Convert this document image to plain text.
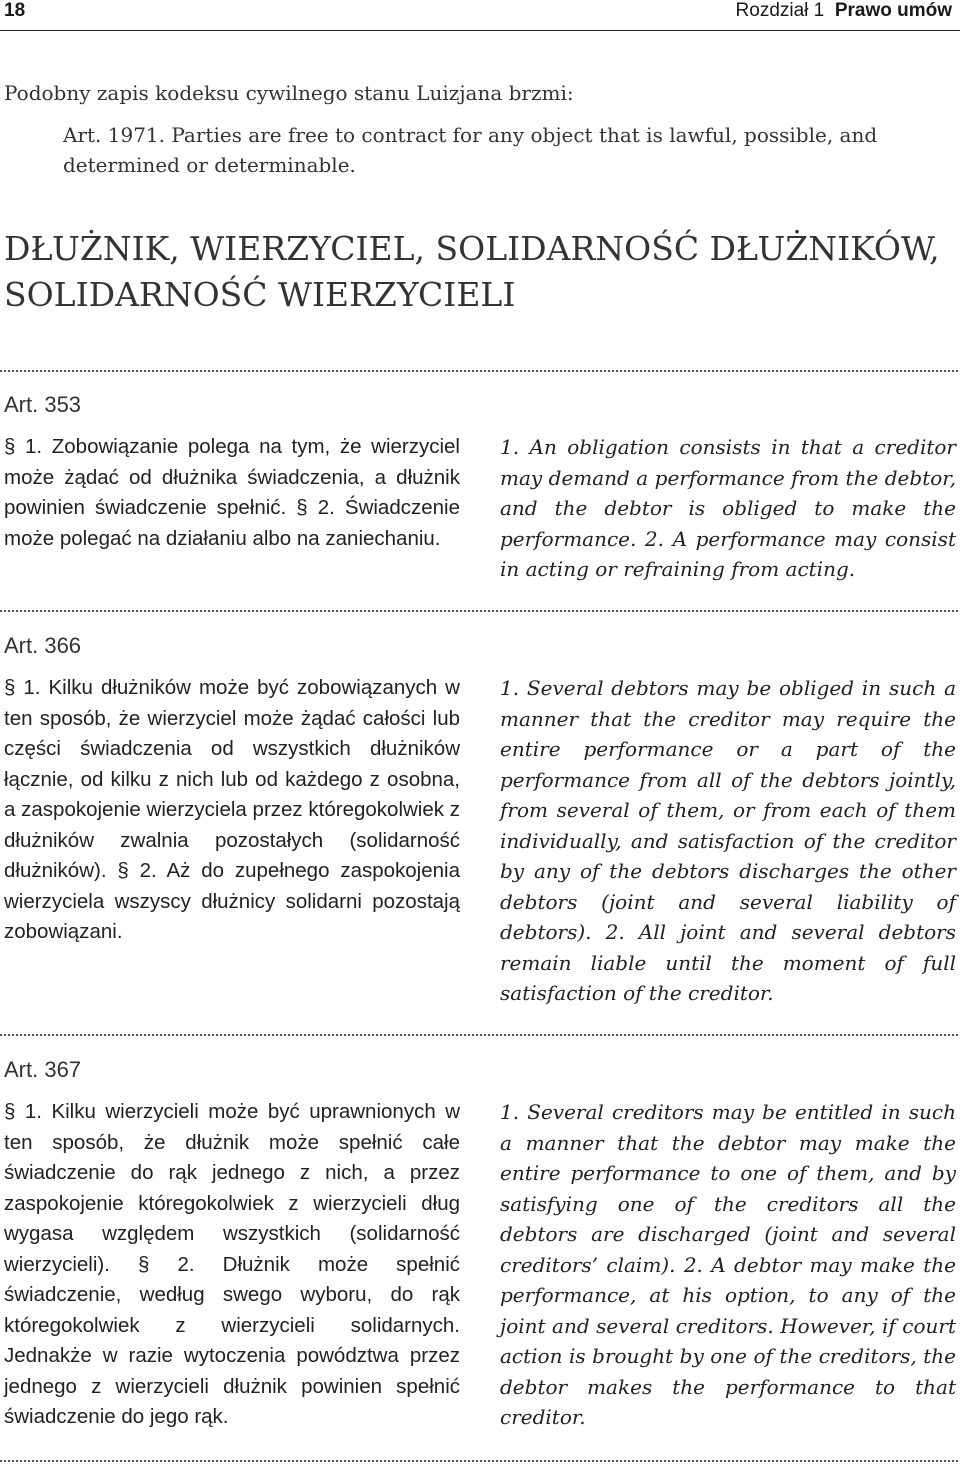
18	Rozdział 1 Prawo umów
Podobny zapis kodeksu cywilnego stanu Luizjana brzmi:
Art. 1971. Parties are free to contract for any object that is lawful, possible, and determined or determinable.
DŁUŻNIK, WIERZYCIEL, SOLIDARNOŚĆ DŁUŻNIKÓW, SOLIDARNOŚĆ WIERZYCIELI
Art. 353
§ 1. Zobowiązanie polega na tym, że wierzyciel może żądać od dłużnika świadczenia, a dłużnik powinien świadczenie spełnić. § 2. Świadczenie może polegać na działaniu albo na zaniechaniu.
1. An obligation consists in that a creditor may demand a performance from the debtor, and the debtor is obliged to make the performance. 2. A performance may consist in acting or refraining from acting.
Art. 366
§ 1. Kilku dłużników może być zobowiązanych w ten sposób, że wierzyciel może żądać całości lub części świadczenia od wszystkich dłużników łącznie, od kilku z nich lub od każdego z osobna, a zaspokojenie wierzyciela przez któregokolwiek z dłużników zwalnia pozostałych (solidarność dłużników). § 2. Aż do zupełnego zaspokojenia wierzyciela wszyscy dłużnicy solidarni pozostają zobowiązani.
1. Several debtors may be obliged in such a manner that the creditor may require the entire performance or a part of the performance from all of the debtors jointly, from several of them, or from each of them individually, and satisfaction of the creditor by any of the debtors discharges the other debtors (joint and several liability of debtors). 2. All joint and several debtors remain liable until the moment of full satisfaction of the creditor.
Art. 367
§ 1. Kilku wierzycieli może być uprawnionych w ten sposób, że dłużnik może spełnić całe świadczenie do rąk jednego z nich, a przez zaspokojenie któregokolwiek z wierzycieli dług wygasa względem wszystkich (solidarność wierzycieli). § 2. Dłużnik może spełnić świadczenie, według swego wyboru, do rąk któregokolwiek z wierzycieli solidarnych. Jednakże w razie wytoczenia powództwa przez jednego z wierzycieli dłużnik powinien spełnić świadczenie do jego rąk.
1. Several creditors may be entitled in such a manner that the debtor may make the entire performance to one of them, and by satisfying one of the creditors all the debtors are discharged (joint and several creditors’ claim). 2. A debtor may make the performance, at his option, to any of the joint and several creditors. However, if court action is brought by one of the creditors, the debtor makes the performance to that creditor.
